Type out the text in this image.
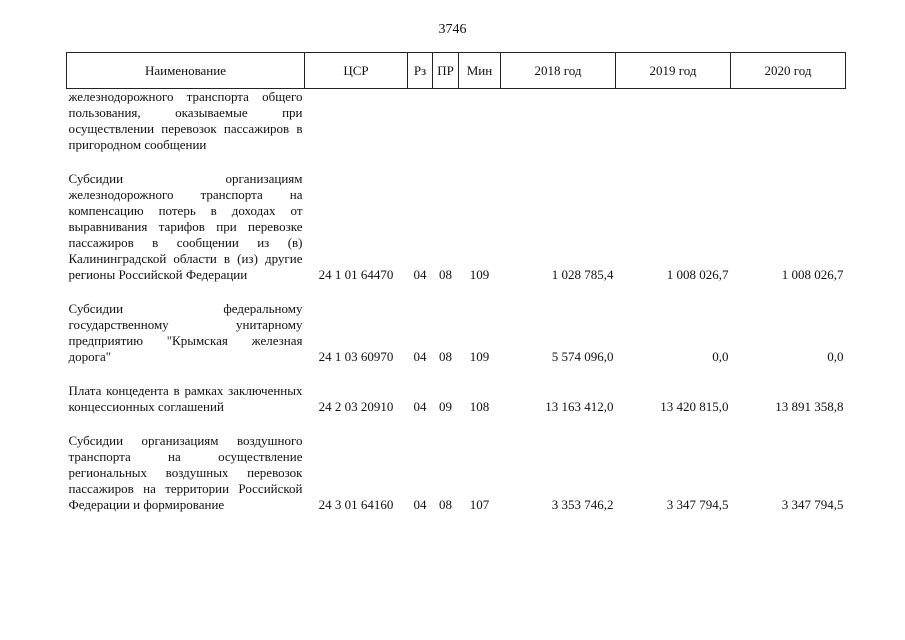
3746
Наименование	ЦСР	Рз	ПР	Мин	2018 год	2019 год	2020 год
железнодорожного транспорта общего пользования, оказываемые при осуществлении перевозок пассажиров в пригородном сообщении							

Субсидии организациям железнодорожного транспорта на компенсацию потерь в доходах от выравнивания тарифов при перевозке пассажиров в сообщении из (в) Калининградской области в (из) другие регионы Российской Федерации	24 1 01 64470	04	08	109	1 028 785,4	1 008 026,7	1 008 026,7

Субсидии федеральному государственному унитарному предприятию "Крымская железная дорога"	24 1 03 60970	04	08	109	5 574 096,0	0,0	0,0

Плата концедента в рамках заключенных концессионных соглашений	24 2 03 20910	04	09	108	13 163 412,0	13 420 815,0	13 891 358,8

Субсидии организациям воздушного транспорта на осуществление региональных воздушных перевозок пассажиров на территории Российской Федерации и формирование	24 3 01 64160	04	08	107	3 353 746,2	3 347 794,5	3 347 794,5
